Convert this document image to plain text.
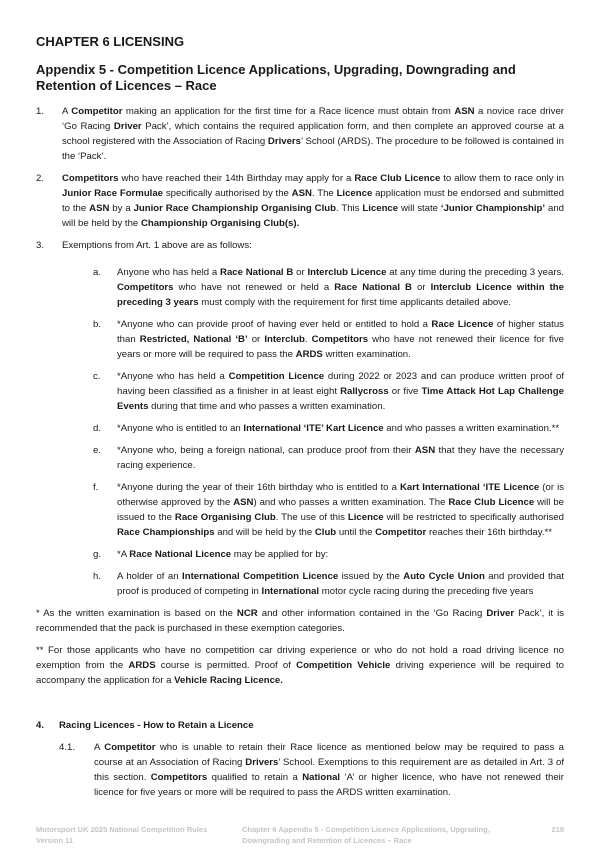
CHAPTER 6 LICENSING
Appendix 5 - Competition Licence Applications, Upgrading, Downgrading and Retention of Licences – Race
1.	A Competitor making an application for the first time for a Race licence must obtain from ASN a novice race driver ‘Go Racing Driver Pack’, which contains the required application form, and then complete an approved course at a school registered with the Association of Racing Drivers’ School (ARDS). The procedure to be followed is contained in the ‘Pack’.
2.	Competitors who have reached their 14th Birthday may apply for a Race Club Licence to allow them to race only in Junior Race Formulae specifically authorised by the ASN. The Licence application must be endorsed and submitted to the ASN by a Junior Race Championship Organising Club. This Licence will state ‘Junior Championship’ and will be held by the Championship Organising Club(s).
3.	Exemptions from Art. 1 above are as follows:
a.	Anyone who has held a Race National B or Interclub Licence at any time during the preceding 3 years. Competitors who have not renewed or held a Race National B or Interclub Licence within the preceding 3 years must comply with the requirement for first time applicants detailed above.
b.	*Anyone who can provide proof of having ever held or entitled to hold a Race Licence of higher status than Restricted, National ‘B’ or Interclub. Competitors who have not renewed their licence for five years or more will be required to pass the ARDS written examination.
c.	*Anyone who has held a Competition Licence during 2022 or 2023 and can produce written proof of having been classified as a finisher in at least eight Rallycross or five Time Attack Hot Lap Challenge Events during that time and who passes a written examination.
d.	*Anyone who is entitled to an International ‘ITE’ Kart Licence and who passes a written examination.**
e.	*Anyone who, being a foreign national, can produce proof from their ASN that they have the necessary racing experience.
f.	*Anyone during the year of their 16th birthday who is entitled to a Kart International ‘ITE Licence (or is otherwise approved by the ASN) and who passes a written examination. The Race Club Licence will be issued to the Race Organising Club. The use of this Licence will be restricted to specifically authorised Race Championships and will be held by the Club until the Competitor reaches their 16th birthday.**
g.	*A Race National Licence may be applied for by:
h.	A holder of an International Competition Licence issued by the Auto Cycle Union and provided that proof is produced of competing in International motor cycle racing during the preceding five years
* As the written examination is based on the NCR and other information contained in the ‘Go Racing Driver Pack’, it is recommended that the pack is purchased in these exemption categories.
** For those applicants who have no competition car driving experience or who do not hold a road driving licence no exemption from the ARDS course is permitted. Proof of Competition Vehicle driving experience will be required to accompany the application for a Vehicle Racing Licence.
4.	Racing Licences - How to Retain a Licence
4.1.	A Competitor who is unable to retain their Race licence as mentioned below may be required to pass a course at an Association of Racing Drivers’ School. Exemptions to this requirement are as detailed in Art. 3 of this section. Competitors qualified to retain a National ‘A’ or higher licence, who have not renewed their licence for five years or more will be required to pass the ARDS written examination.
Motorsport UK 2025 National Competition Rules Version 11
Chapter 6 Appendix 5 - Competition Licence Applications, Upgrading, Downgrading and Retention of Licences – Race
218
